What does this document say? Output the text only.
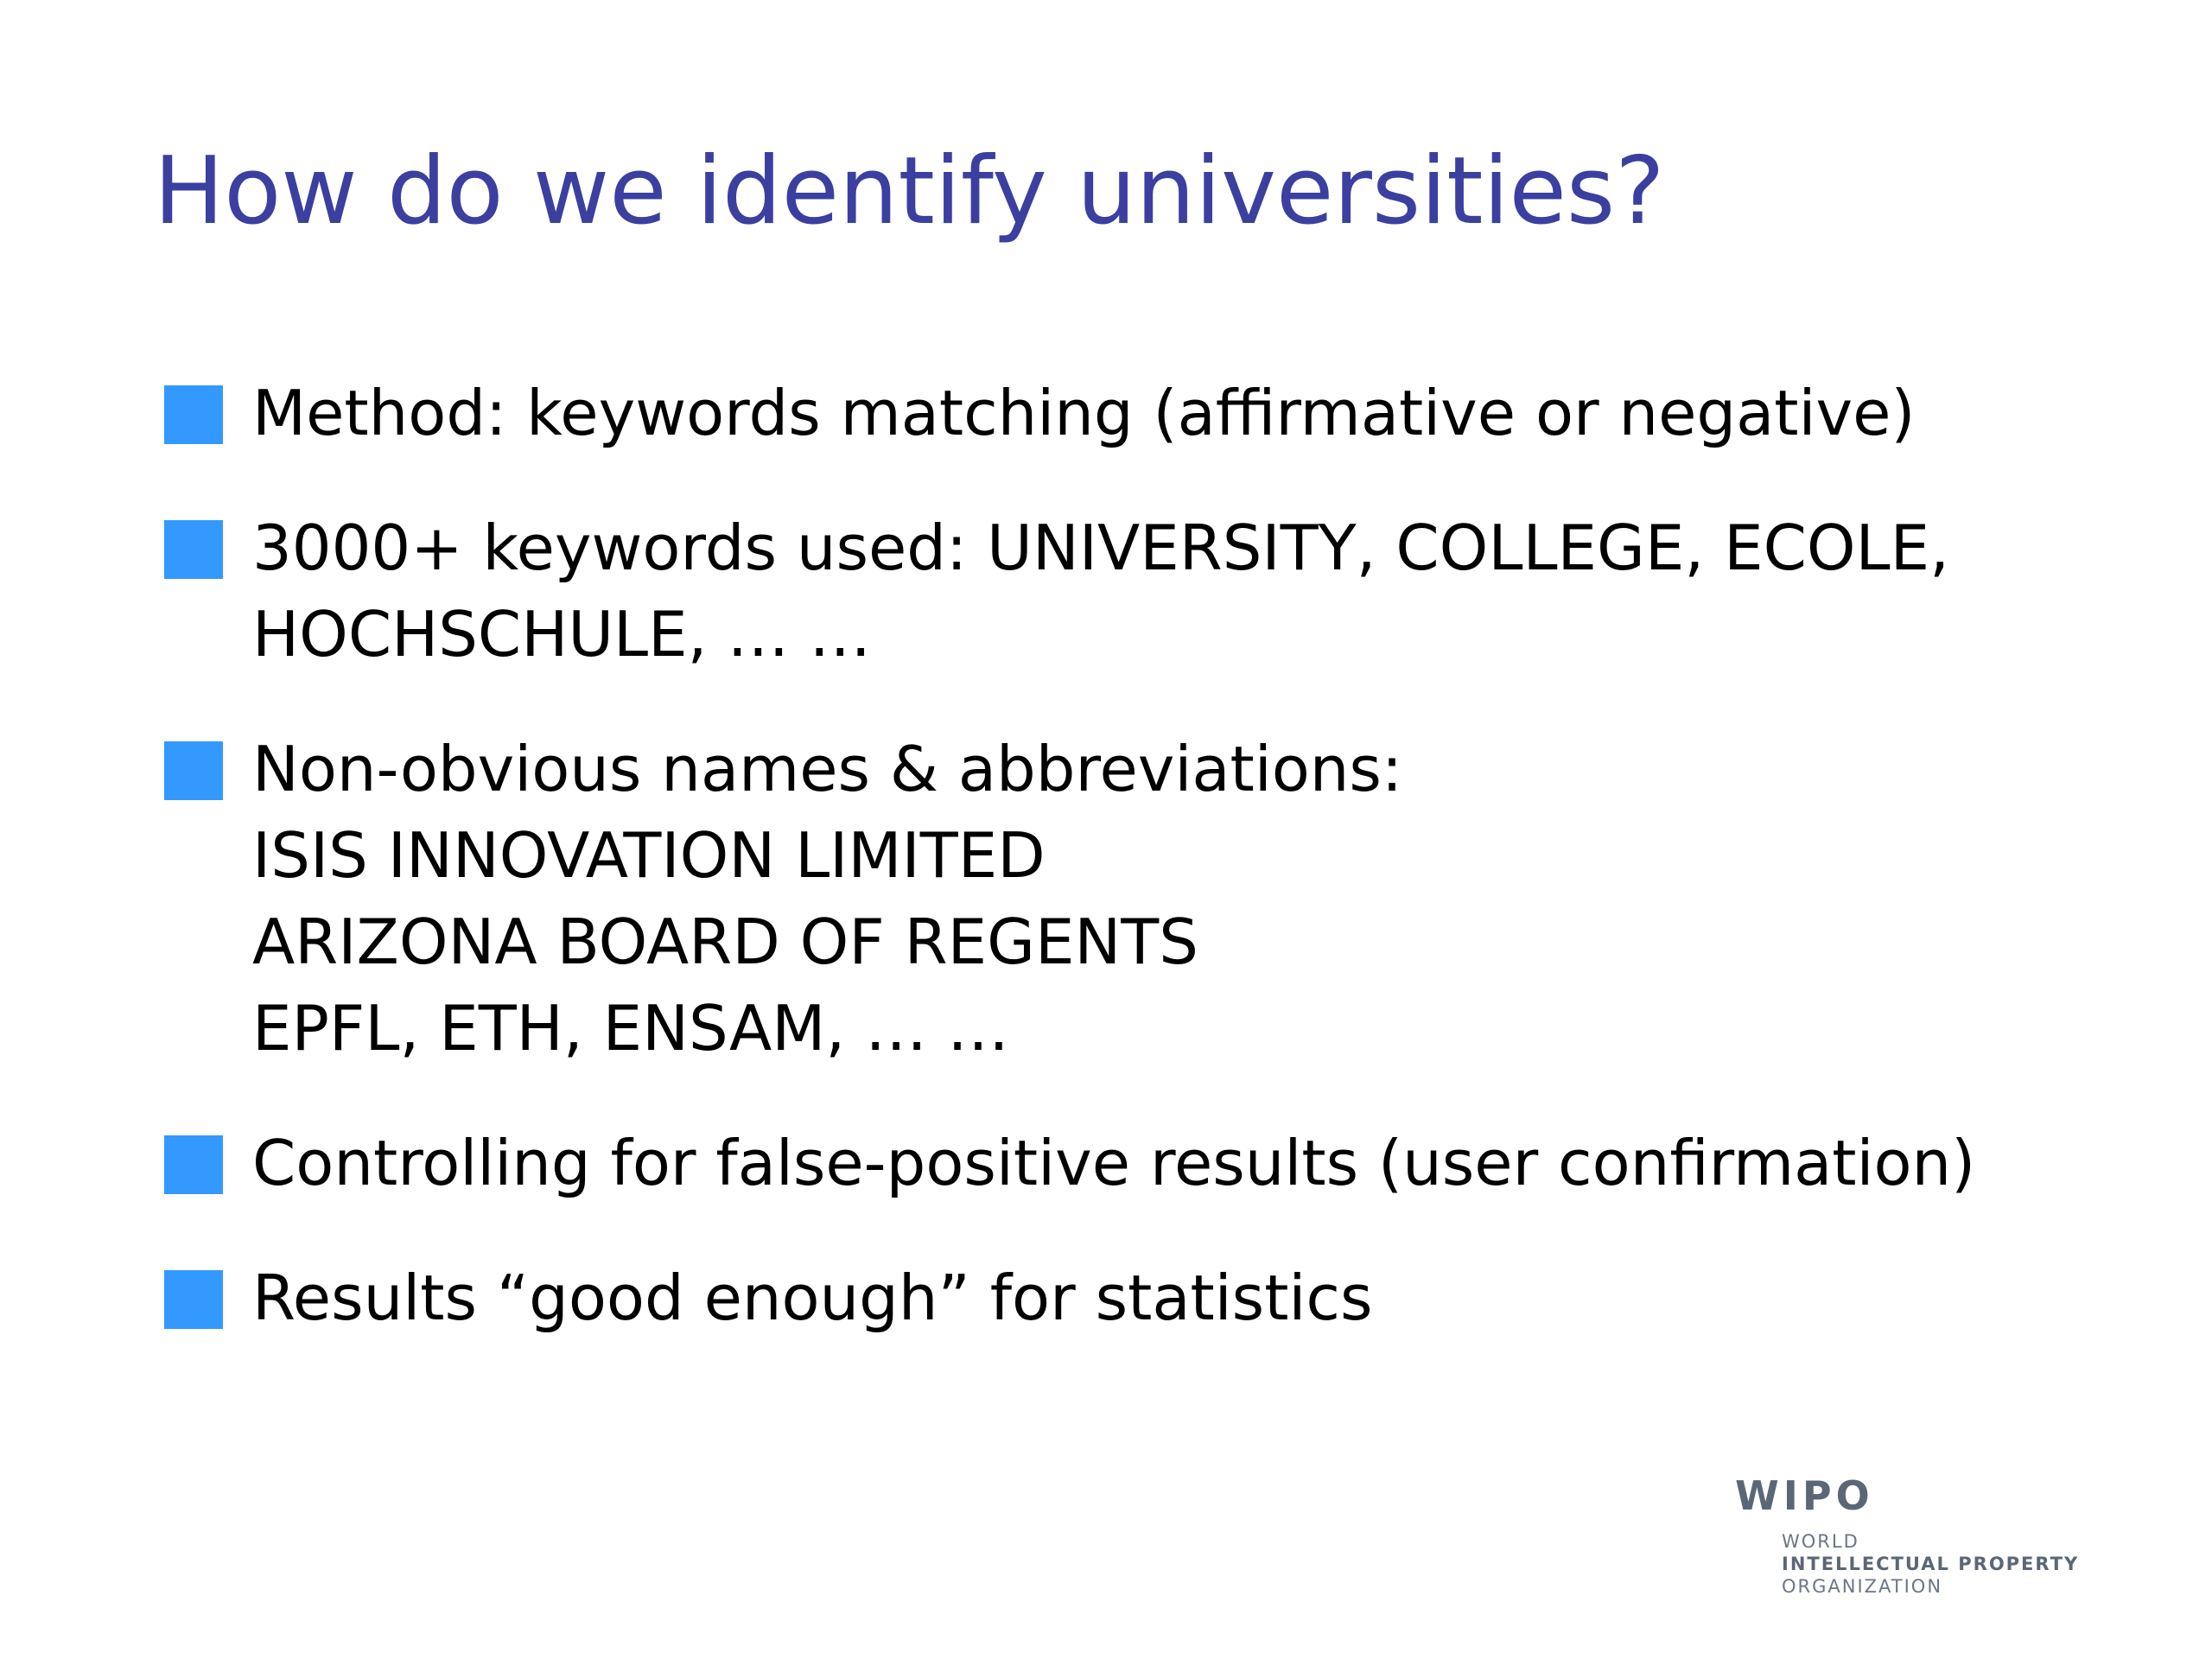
How do we identify universities?
Method: keywords matching (affirmative or negative)
3000+ keywords used: UNIVERSITY, COLLEGE, ECOLE,
HOCHSCHULE, … …
Non-obvious names & abbreviations:
ISIS INNOVATION LIMITED
ARIZONA BOARD OF REGENTS
EPFL, ETH, ENSAM, … …
Controlling for false-positive results (user confirmation)
Results “good enough” for statistics
WIPO
WORLD
INTELLECTUAL PROPERTY
ORGANIZATION
